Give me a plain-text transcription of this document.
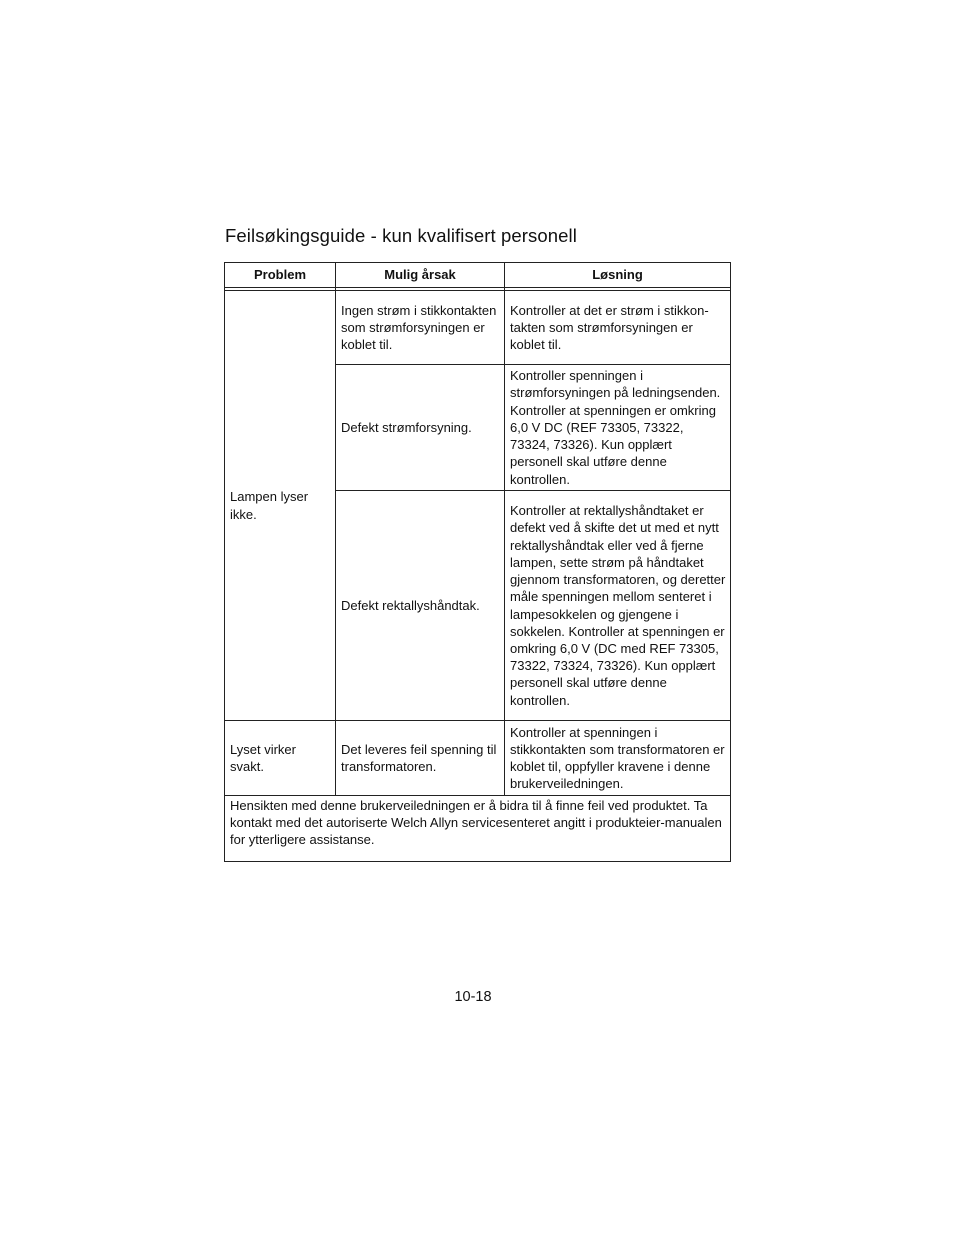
Feilsøkingsguide - kun kvalifisert personell
Problem	Mulig årsak	Løsning

Lampen lyser ikke.	Ingen strøm i stikkontakten som strømforsyningen er koblet til.	Kontroller at det er strøm i stikkon-takten som strømforsyningen er koblet til.
	Defekt strømforsyning.	Kontroller spenningen i strømforsyningen på ledningsenden. Kontroller at spenningen er omkring 6,0 V DC (REF 73305, 73322, 73324, 73326). Kun opplært personell skal utføre denne kontrollen.
	Defekt rektallyshåndtak.	Kontroller at rektallyshåndtaket er defekt ved å skifte det ut med et nytt rektallyshåndtak eller ved å fjerne lampen, sette strøm på håndtaket gjennom transformatoren, og deretter måle spenningen mellom senteret i lampesokkelen og gjengene i sokkelen. Kontroller at spenningen er omkring 6,0 V (DC med REF 73305, 73322, 73324, 73326). Kun opplært personell skal utføre denne kontrollen.
Lyset virker svakt.	Det leveres feil spenning til transformatoren.	Kontroller at spenningen i stikkontakten som transformatoren er koblet til, oppfyller kravene i denne brukerveiledningen.
Hensikten med denne brukerveiledningen er å bidra til å finne feil ved produktet. Ta kontakt med det autoriserte Welch Allyn servicesenteret angitt i produkteier-manualen for ytterligere assistanse.		
10-18
